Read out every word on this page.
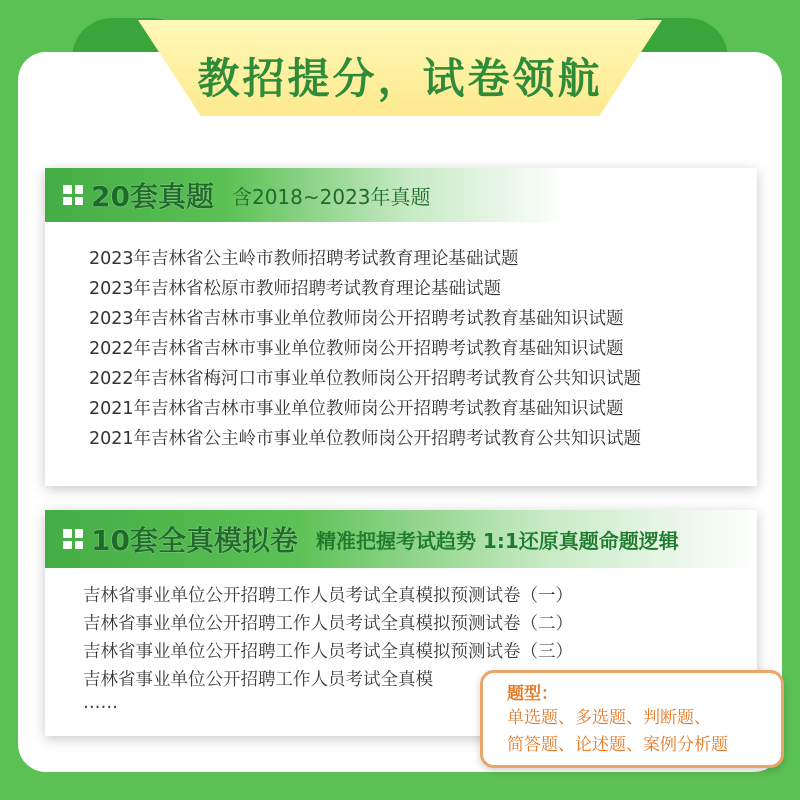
教招提分，试卷领航
20套真题 含2018~2023年真题
2023年吉林省公主岭市教师招聘考试教育理论基础试题
2023年吉林省松原市教师招聘考试教育理论基础试题
2023年吉林省吉林市事业单位教师岗公开招聘考试教育基础知识试题
2022年吉林省吉林市事业单位教师岗公开招聘考试教育基础知识试题
2022年吉林省梅河口市事业单位教师岗公开招聘考试教育公共知识试题
2021年吉林省吉林市事业单位教师岗公开招聘考试教育基础知识试题
2021年吉林省公主岭市事业单位教师岗公开招聘考试教育公共知识试题
10套全真模拟卷 精准把握考试趋势 1:1还原真题命题逻辑
吉林省事业单位公开招聘工作人员考试全真模拟预测试卷（一）
吉林省事业单位公开招聘工作人员考试全真模拟预测试卷（二）
吉林省事业单位公开招聘工作人员考试全真模拟预测试卷（三）
吉林省事业单位公开招聘工作人员考试全真模
……	题型：
单选题、多选题、判断题、
简答题、论述题、案例分析题
